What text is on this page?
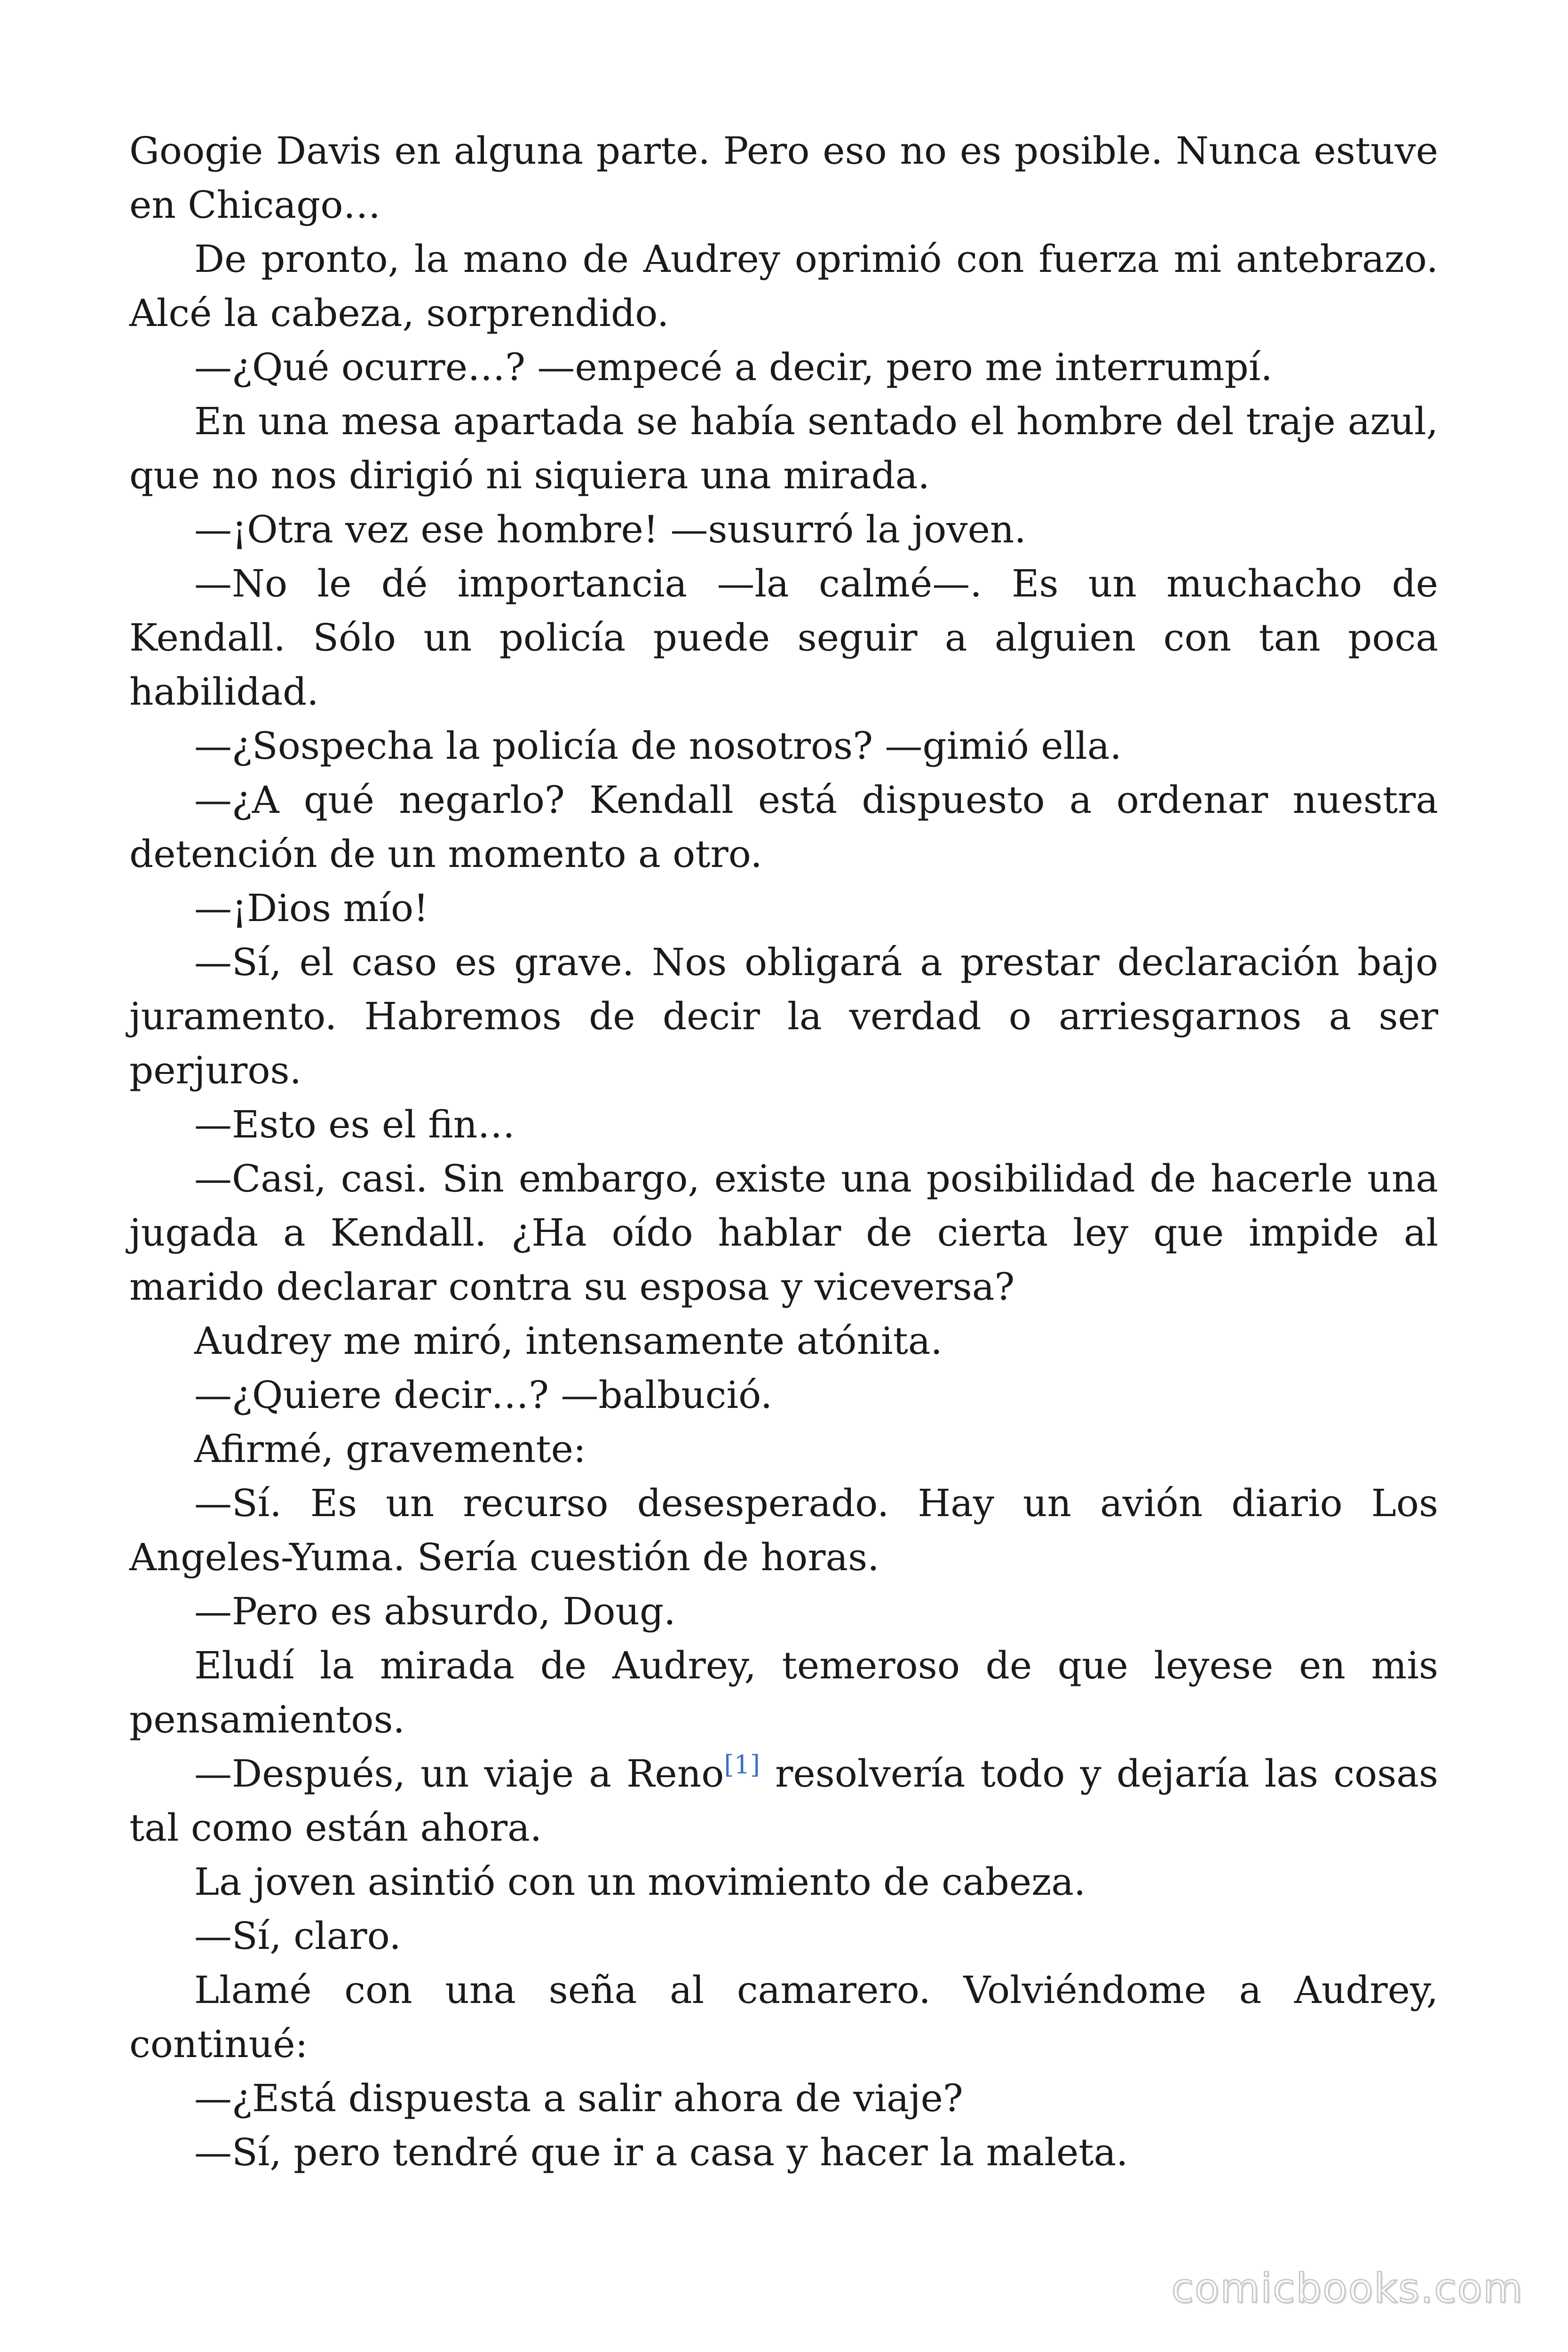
Googie Davis en alguna parte. Pero eso no es posible. Nunca estuve en Chicago…

De pronto, la mano de Audrey oprimió con fuerza mi antebrazo. Alcé la cabeza, sorprendido.

—¿Qué ocurre…? —empecé a decir, pero me interrumpí.

En una mesa apartada se había sentado el hombre del traje azul, que no nos dirigió ni siquiera una mirada.

—¡Otra vez ese hombre! —susurró la joven.

—No le dé importancia —la calmé—. Es un muchacho de Kendall. Sólo un policía puede seguir a alguien con tan poca habilidad.

—¿Sospecha la policía de nosotros? —gimió ella.

—¿A qué negarlo? Kendall está dispuesto a ordenar nuestra detención de un momento a otro.

—¡Dios mío!

—Sí, el caso es grave. Nos obligará a prestar declaración bajo juramento. Habremos de decir la verdad o arriesgarnos a ser perjuros.

—Esto es el fin…

—Casi, casi. Sin embargo, existe una posibilidad de hacerle una jugada a Kendall. ¿Ha oído hablar de cierta ley que impide al marido declarar contra su esposa y viceversa?

Audrey me miró, intensamente atónita.

—¿Quiere decir…? —balbució.

Afirmé, gravemente:

—Sí. Es un recurso desesperado. Hay un avión diario Los Angeles-Yuma. Sería cuestión de horas.

—Pero es absurdo, Doug.

Eludí la mirada de Audrey, temeroso de que leyese en mis pensamientos.

—Después, un viaje a Reno[1] resolvería todo y dejaría las cosas tal como están ahora.

La joven asintió con un movimiento de cabeza.

—Sí, claro.

Llamé con una seña al camarero. Volviéndome a Audrey, continué:

—¿Está dispuesta a salir ahora de viaje?

—Sí, pero tendré que ir a casa y hacer la maleta.

comicbooks.com
